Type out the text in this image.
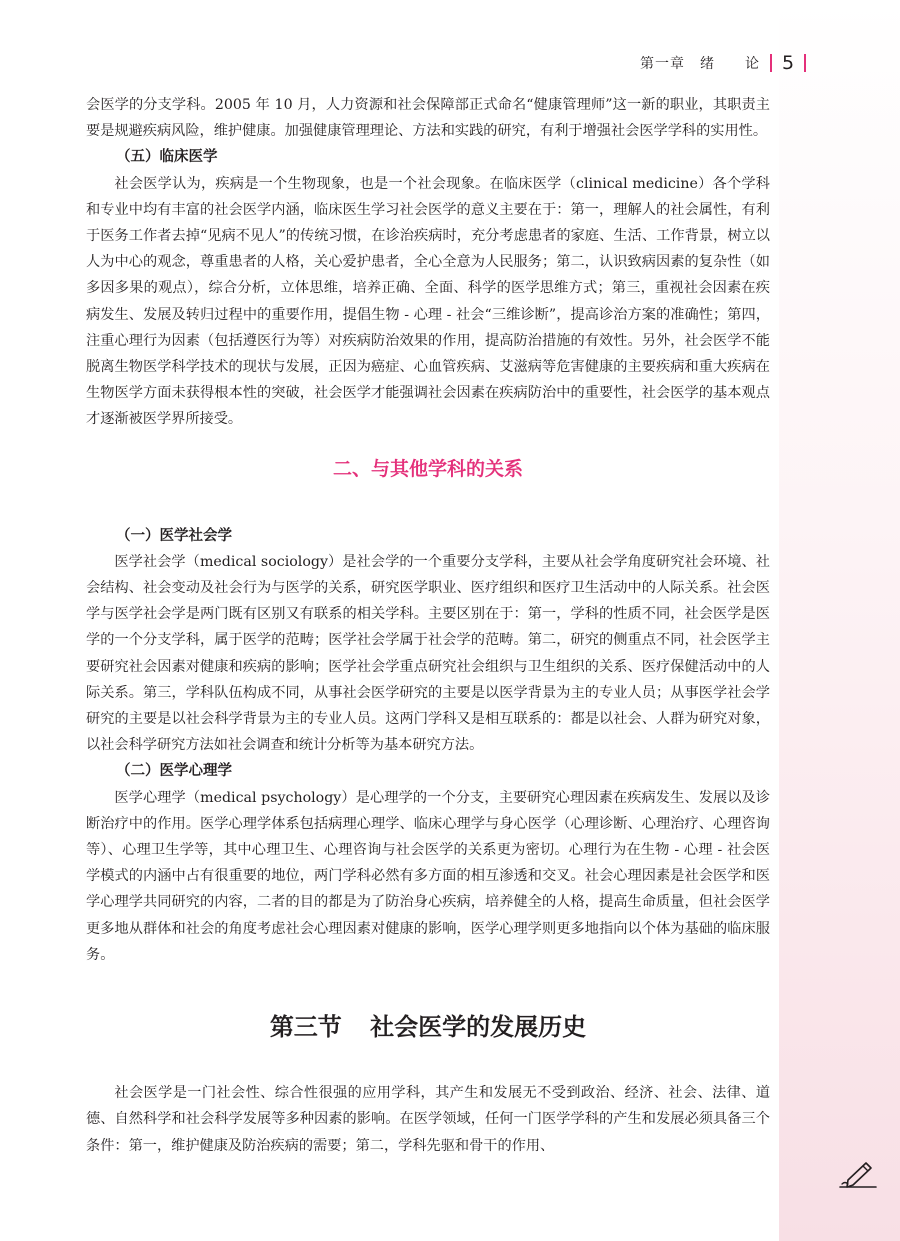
第一章　绪　　论 5

会医学的分支学科。2005 年 10 月，人力资源和社会保障部正式命名“健康管理师”这一新的职业，其职责主要是规避疾病风险，维护健康。加强健康管理理论、方法和实践的研究，有利于增强社会医学学科的实用性。

（五）临床医学

社会医学认为，疾病是一个生物现象，也是一个社会现象。在临床医学（clinical medicine）各个学科和专业中均有丰富的社会医学内涵，临床医生学习社会医学的意义主要在于：第一，理解人的社会属性，有利于医务工作者去掉“见病不见人”的传统习惯，在诊治疾病时，充分考虑患者的家庭、生活、工作背景，树立以人为中心的观念，尊重患者的人格，关心爱护患者，全心全意为人民服务；第二，认识致病因素的复杂性（如多因多果的观点），综合分析，立体思维，培养正确、全面、科学的医学思维方式；第三，重视社会因素在疾病发生、发展及转归过程中的重要作用，提倡生物 - 心理 - 社会“三维诊断”，提高诊治方案的准确性；第四，注重心理行为因素（包括遵医行为等）对疾病防治效果的作用，提高防治措施的有效性。另外，社会医学不能脱离生物医学科学技术的现状与发展，正因为癌症、心血管疾病、艾滋病等危害健康的主要疾病和重大疾病在生物医学方面未获得根本性的突破，社会医学才能强调社会因素在疾病防治中的重要性，社会医学的基本观点才逐渐被医学界所接受。

二、与其他学科的关系
（一）医学社会学

医学社会学（medical sociology）是社会学的一个重要分支学科，主要从社会学角度研究社会环境、社会结构、社会变动及社会行为与医学的关系，研究医学职业、医疗组织和医疗卫生活动中的人际关系。社会医学与医学社会学是两门既有区别又有联系的相关学科。主要区别在于：第一，学科的性质不同，社会医学是医学的一个分支学科，属于医学的范畴；医学社会学属于社会学的范畴。第二，研究的侧重点不同，社会医学主要研究社会因素对健康和疾病的影响；医学社会学重点研究社会组织与卫生组织的关系、医疗保健活动中的人际关系。第三，学科队伍构成不同，从事社会医学研究的主要是以医学背景为主的专业人员；从事医学社会学研究的主要是以社会科学背景为主的专业人员。这两门学科又是相互联系的：都是以社会、人群为研究对象，以社会科学研究方法如社会调查和统计分析等为基本研究方法。

（二）医学心理学

医学心理学（medical psychology）是心理学的一个分支，主要研究心理因素在疾病发生、发展以及诊断治疗中的作用。医学心理学体系包括病理心理学、临床心理学与身心医学（心理诊断、心理治疗、心理咨询等）、心理卫生学等，其中心理卫生、心理咨询与社会医学的关系更为密切。心理行为在生物 - 心理 - 社会医学模式的内涵中占有很重要的地位，两门学科必然有多方面的相互渗透和交叉。社会心理因素是社会医学和医学心理学共同研究的内容，二者的目的都是为了防治身心疾病，培养健全的人格，提高生命质量，但社会医学更多地从群体和社会的角度考虑社会心理因素对健康的影响，医学心理学则更多地指向以个体为基础的临床服务。

第三节 社会医学的发展历史

社会医学是一门社会性、综合性很强的应用学科，其产生和发展无不受到政治、经济、社会、法律、道德、自然科学和社会科学发展等多种因素的影响。在医学领域，任何一门医学学科的产生和发展必须具备三个条件：第一，维护健康及防治疾病的需要；第二，学科先驱和骨干的作用、
